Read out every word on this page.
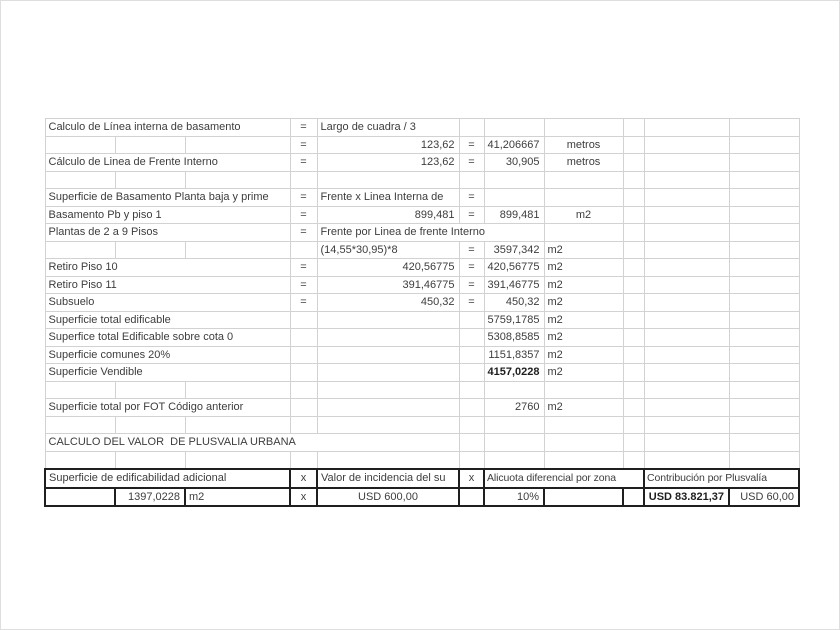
Calculo de Línea interna de basamento			=	Largo de cuadra / 3						
			=	123,62	=	41,206667	metros			
Cálculo de Linea de Frente Interno			=	123,62	=	30,905	metros			

Superficie de Basamento Planta baja y prime			=	Frente x Linea Interna de	=					
Basamento Pb y piso 1			=	899,481	=	899,481	m2			
Plantas de 2 a 9 Pisos			=	Frente por Linea de frente Interno						
				(14,55*30,95)*8	=	3597,342	m2			
Retiro Piso 10			=	420,56775	=	420,56775	m2			
Retiro Piso 11			=	391,46775	=	391,46775	m2			
Subsuelo			=	450,32	=	450,32	m2			
Superficie total edificable						5759,1785	m2			
Superfice total Edificable sobre cota 0						5308,8585	m2			
Superficie comunes 20%						1151,8357	m2			
Superficie Vendible						4157,0228	m2			

Superficie total por FOT Código anterior						2760	m2			

CALCULO DEL VALOR  DE PLUSVALIA URBANA										

Superficie de edificabilidad adicional			x	Valor de incidencia del su	x	Alicuota diferencial por zona			Contribución por Plusvalía	
	1397,0228	m2	x	USD 600,00		10%			USD 83.821,37	USD 60,00
